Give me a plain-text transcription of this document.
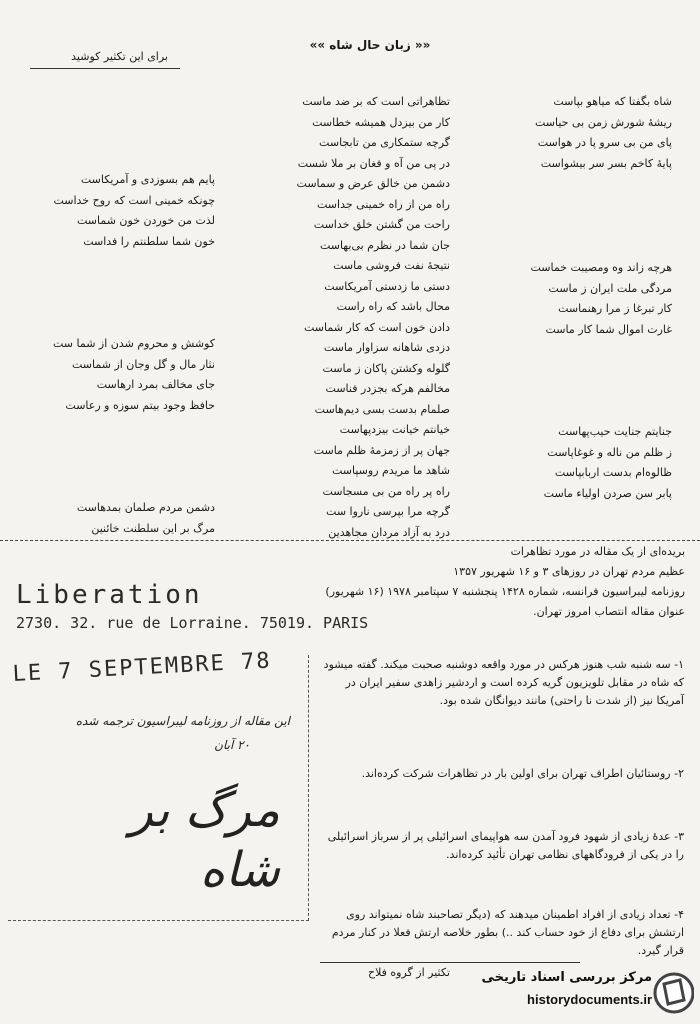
برای این تکثیر کوشید
«« زبان حال شاه »»
شاه بگفتا که میاهو بپاست
ریشهٔ شورش زمن بی حیاست
پای من بی سرو پا در هواست
پایهٔ کاخم بسر سر بیشواست
هرچه زاند وه ومصیبت خماست
مردگی ملت ایران ز ماست
کار تبرغا ز مرا رهنماست
غارت اموال شما کار ماست
جنایتم جنایت حیب‌پهاست
ز ظلم من ناله و غوغاپاست
ظالوه‌ام بدست اربابپاست
پابر سن صردن اولیاء ماست
تظاهراتی است که بر ضد ماست
کار من بیزدل همیشه خطاست
گرچه ستمکاری من تابجاست
در پی من آه و فغان بر ملا شست
دشمن من خالق عرض و سماست
راه من از راه خمینی جداست
راحت من گشتن خلق خداست
جان شما در نظرم بی‌بهاست
نتیجهٔ نفت فروشی ماست
دستی ما زدستی آمریکاست
محال باشد که راه راست
دادن خون است که کار شماست
دزدی شاهانه سزاوار ماست
گلوله وکشتن پاکان ز ماست
مخالفم هرکه بجزدر فناست
صلمام بدست بسی دیم‌هاست
خیانتم خیانت بیزدپهاست
جهان پر از زمزمهٔ ظلم ماست
شاهد ما مریدم روسپاست
راه پر راه من بی مسجاست
گرچه مرا بپرسی ناروا ست
درد به آزاد مردان مجاهدین
پایم هم بسوزدی و آمریکاست
چونکه خمینی است که روح خداست
لذت من خوردن خون شماست
خون شما سلطنتم را فداست
کوشش و محروم شدن از شما ست
نثار مال و گل وجان از شماست
جای مخالف بمرد ارهاست
حافظ وجود بیتم سوزه و رعاست
دشمن مردم صلمان بمدهاست
مرگ بر این سلطنت خائنین
بریده‌ای از یک مقاله در مورد تظاهرات
عظیم مردم تهران در روزهای ۳ و ۱۶ شهریور ۱۳۵۷
روزنامه لیبراسیون فرانسه، شماره ۱۴۲۸ پنجشنبه ۷ سپتامبر ۱۹۷۸ (۱۶ شهریور)
عنوان مقاله انتصاب امروز تهران.
Liberation
2730. 32. rue de Lorraine. 75019. PARIS
LE 7 SEPTEMBRE 78
این مقاله از روزنامه لیبراسیون ترجمه شده
۲۰ آبان
مرگ بر شاه
۱- سه شنبه شب هنوز هرکس در مورد واقعه دوشنبه صحبت میکند. گفته میشود که شاه در مقابل تلویزیون گریه کرده است و اردشیر زاهدی سفیر ایران در آمریکا نیز (از شدت نا راحتی) مانند دیوانگان شده بود.
۲- روستائیان اطراف تهران برای اولین بار در تظاهرات شرکت کرده‌اند.
۳- عده‌ٔ زیادی از شهود فرود آمدن سه هواپیمای اسرائیلی پر از سرباز اسرائیلی را در یکی از فرودگاههای نظامی تهران تأئید کرده‌اند.
۴- تعداد زیادی از افراد اطمینان میدهند که (دیگر تصاحبند شاه نمیتواند روی ارتشش برای دفاع از خود حساب کند ..) بطور خلاصه ارتش فعلا در کنار مردم قرار گیرد.
تکثیر از گروه فلاح	مرکز بررسی اسناد تاریخی
historydocuments.ir
